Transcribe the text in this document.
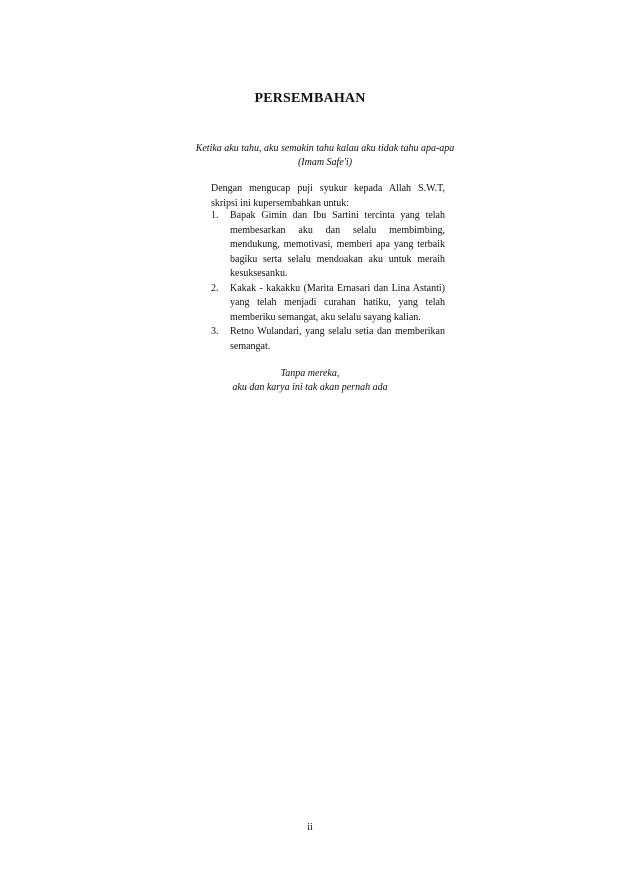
PERSEMBAHAN
Ketika aku tahu, aku semakin tahu kalau aku tidak tahu apa-apa
(Imam Safe'i)
Dengan mengucap puji syukur kepada Allah S.W.T, skripsi ini kupersembahkan untuk:
1. Bapak Gimin dan Ibu Sartini tercinta yang telah membesarkan aku dan selalu membimbing, mendukung, memotivasi, memberi apa yang terbaik bagiku serta selalu mendoakan aku untuk meraih kesuksesanku.
2. Kakak - kakakku (Marita Ernasari dan Lina Astanti) yang telah menjadi curahan hatiku, yang telah memberiku semangat, aku selalu sayang kalian.
3. Retno Wulandari, yang selalu setia dan memberikan semangat.
Tanpa mereka,
aku dan karya ini tak akan pernah ada
ii
